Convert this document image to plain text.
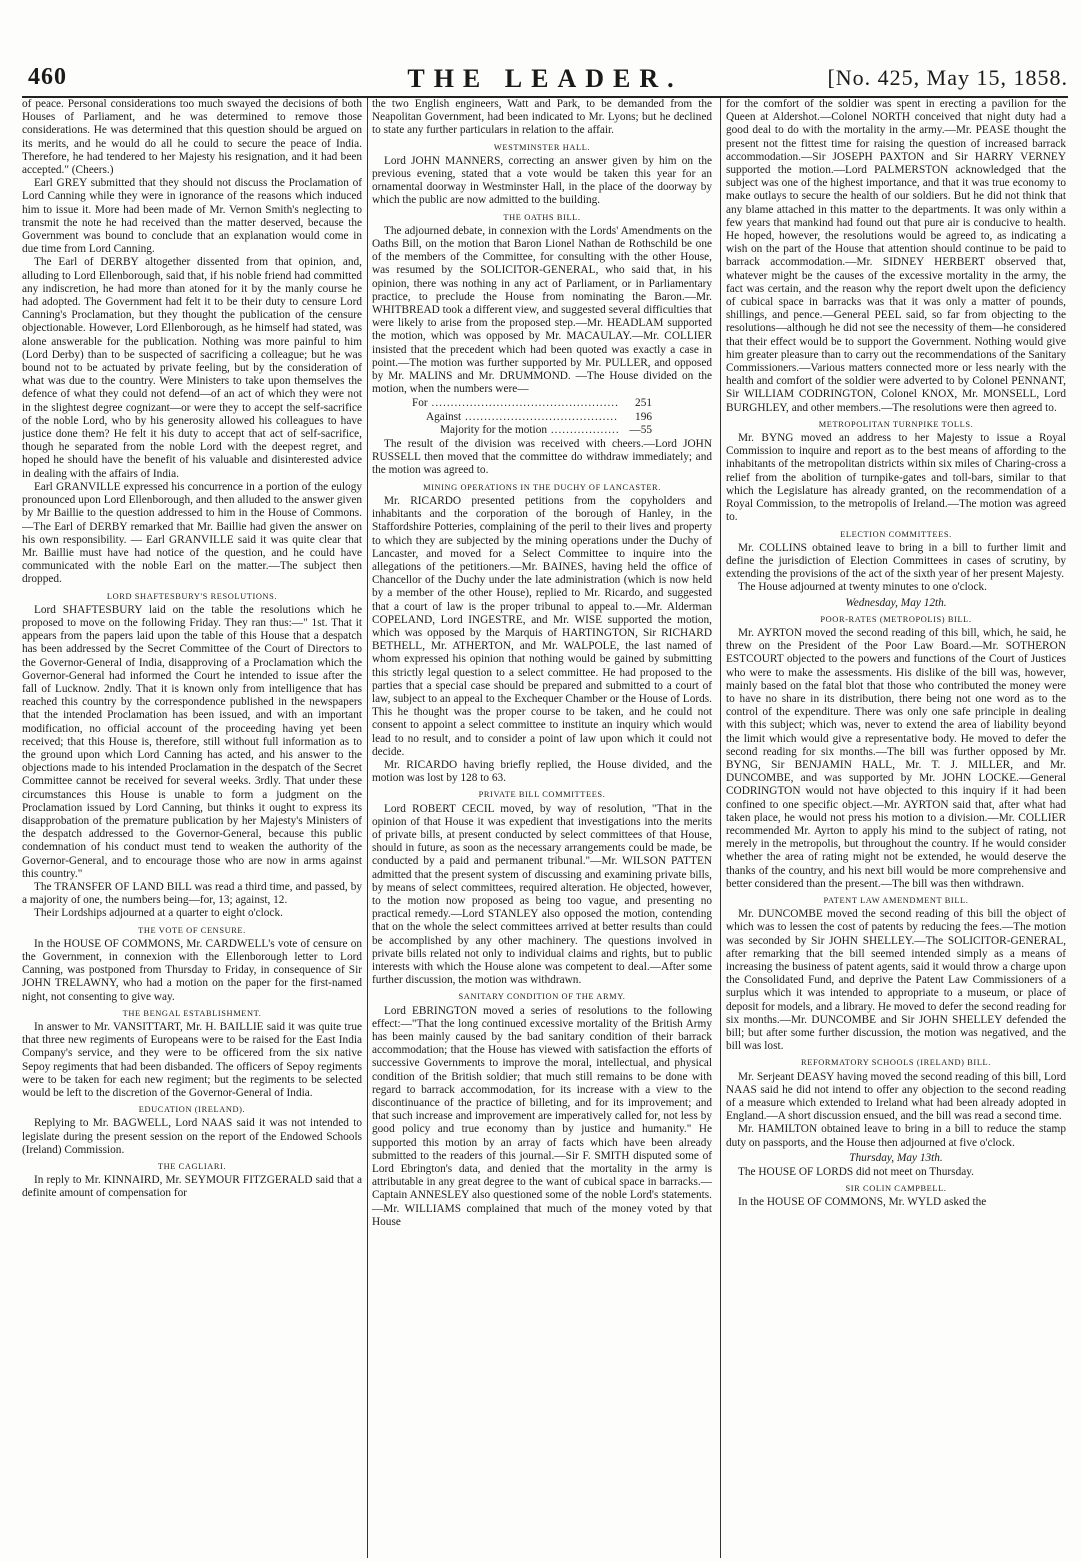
460	THE LEADER.	[No. 425, May 15, 1858.

of peace. Personal considerations too much swayed the decisions of both Houses of Parliament, and he was determined to remove those considerations. He was determined that this question should be argued on its merits, and he would do all he could to secure the peace of India. Therefore, he had tendered to her Majesty his resignation, and it had been accepted." (Cheers.)

Earl GREY submitted that they should not discuss the Proclamation of Lord Canning while they were in ignorance of the reasons which induced him to issue it. More had been made of Mr. Vernon Smith's neglecting to transmit the note he had received than the matter deserved, because the Government was bound to conclude that an explanation would come in due time from Lord Canning.

The Earl of DERBY altogether dissented from that opinion, and, alluding to Lord Ellenborough, said that, if his noble friend had committed any indiscretion, he had more than atoned for it by the manly course he had adopted. The Government had felt it to be their duty to censure Lord Canning's Proclamation, but they thought the publication of the censure objectionable. However, Lord Ellenborough, as he himself had stated, was alone answerable for the publication. Nothing was more painful to him (Lord Derby) than to be suspected of sacrificing a colleague; but he was bound not to be actuated by private feeling, but by the consideration of what was due to the country. Were Ministers to take upon themselves the defence of what they could not defend—of an act of which they were not in the slightest degree cognizant—or were they to accept the self-sacrifice of the noble Lord, who by his generosity allowed his colleagues to have justice done them? He felt it his duty to accept that act of self-sacrifice, though he separated from the noble Lord with the deepest regret, and hoped he should have the benefit of his valuable and disinterested advice in dealing with the affairs of India.

Earl GRANVILLE expressed his concurrence in a portion of the eulogy pronounced upon Lord Ellenborough, and then alluded to the answer given by Mr Baillie to the question addressed to him in the House of Commons. —The Earl of DERBY remarked that Mr. Baillie had given the answer on his own responsibility. — Earl GRANVILLE said it was quite clear that Mr. Baillie must have had notice of the question, and he could have communicated with the noble Earl on the matter.—The subject then dropped.

LORD SHAFTESBURY'S RESOLUTIONS.

Lord SHAFTESBURY laid on the table the resolutions which he proposed to move on the following Friday. They ran thus:—" 1st. That it appears from the papers laid upon the table of this House that a despatch has been addressed by the Secret Committee of the Court of Directors to the Governor-General of India, disapproving of a Proclamation which the Governor-General had informed the Court he intended to issue after the fall of Lucknow. 2ndly. That it is known only from intelligence that has reached this country by the correspondence published in the newspapers that the intended Proclamation has been issued, and with an important modification, no official account of the proceeding having yet been received; that this House is, therefore, still without full information as to the ground upon which Lord Canning has acted, and his answer to the objections made to his intended Proclamation in the despatch of the Secret Committee cannot be received for several weeks. 3rdly. That under these circumstances this House is unable to form a judgment on the Proclamation issued by Lord Canning, but thinks it ought to express its disapprobation of the premature publication by her Majesty's Ministers of the despatch addressed to the Governor-General, because this public condemnation of his conduct must tend to weaken the authority of the Governor-General, and to encourage those who are now in arms against this country."

The TRANSFER OF LAND BILL was read a third time, and passed, by a majority of one, the numbers being—for, 13; against, 12.

Their Lordships adjourned at a quarter to eight o'clock.

THE VOTE OF CENSURE.

In the HOUSE OF COMMONS, Mr. CARDWELL's vote of censure on the Government, in connexion with the Ellenborough letter to Lord Canning, was postponed from Thursday to Friday, in consequence of Sir JOHN TRELAWNY, who had a motion on the paper for the first-named night, not consenting to give way.

THE BENGAL ESTABLISHMENT.

In answer to Mr. VANSITTART, Mr. H. BAILLIE said it was quite true that three new regiments of Europeans were to be raised for the East India Company's service, and they were to be officered from the six native Sepoy regiments that had been disbanded. The officers of Sepoy regiments were to be taken for each new regiment; but the regiments to be selected would be left to the discretion of the Governor-General of India.

EDUCATION (IRELAND).

Replying to Mr. BAGWELL, Lord NAAS said it was not intended to legislate during the present session on the report of the Endowed Schools (Ireland) Commission.

THE CAGLIARI.

In reply to Mr. KINNAIRD, Mr. SEYMOUR FITZGERALD said that a definite amount of compensation for

the two English engineers, Watt and Park, to be demanded from the Neapolitan Government, had been indicated to Mr. Lyons; but he declined to state any further particulars in relation to the affair.

WESTMINSTER HALL.

Lord JOHN MANNERS, correcting an answer given by him on the previous evening, stated that a vote would be taken this year for an ornamental doorway in Westminster Hall, in the place of the doorway by which the public are now admitted to the building.

THE OATHS BILL.

The adjourned debate, in connexion with the Lords' Amendments on the Oaths Bill, on the motion that Baron Lionel Nathan de Rothschild be one of the members of the Committee, for consulting with the other House, was resumed by the SOLICITOR-GENERAL, who said that, in his opinion, there was nothing in any act of Parliament, or in Parliamentary practice, to preclude the House from nominating the Baron.—Mr. WHITBREAD took a different view, and suggested several difficulties that were likely to arise from the proposed step.—Mr. HEADLAM supported the motion, which was opposed by Mr. MACAULAY.—Mr. COLLIER insisted that the precedent which had been quoted was exactly a case in point.—The motion was further supported by Mr. PULLER, and opposed by Mr. MALINS and Mr. DRUMMOND. —The House divided on the motion, when the numbers were—

For .....	251
Against .....	196
Majority for the motion .....	—55

The result of the division was received with cheers.—Lord JOHN RUSSELL then moved that the committee do withdraw immediately; and the motion was agreed to.

MINING OPERATIONS IN THE DUCHY OF LANCASTER.

Mr. RICARDO presented petitions from the copyholders and inhabitants and the corporation of the borough of Hanley, in the Staffordshire Potteries, complaining of the peril to their lives and property to which they are subjected by the mining operations under the Duchy of Lancaster, and moved for a Select Committee to inquire into the allegations of the petitioners.—Mr. BAINES, having held the office of Chancellor of the Duchy under the late administration (which is now held by a member of the other House), replied to Mr. Ricardo, and suggested that a court of law is the proper tribunal to appeal to.—Mr. Alderman COPELAND, Lord INGESTRE, and Mr. WISE supported the motion, which was opposed by the Marquis of HARTINGTON, Sir RICHARD BETHELL, Mr. ATHERTON, and Mr. WALPOLE, the last named of whom expressed his opinion that nothing would be gained by submitting this strictly legal question to a select committee. He had proposed to the parties that a special case should be prepared and submitted to a court of law, subject to an appeal to the Exchequer Chamber or the House of Lords. This he thought was the proper course to be taken, and he could not consent to appoint a select committee to institute an inquiry which would lead to no result, and to consider a point of law upon which it could not decide.

Mr. RICARDO having briefly replied, the House divided, and the motion was lost by 128 to 63.

PRIVATE BILL COMMITTEES.

Lord ROBERT CECIL moved, by way of resolution, "That in the opinion of that House it was expedient that investigations into the merits of private bills, at present conducted by select committees of that House, should in future, as soon as the necessary arrangements could be made, be conducted by a paid and permanent tribunal."—Mr. WILSON PATTEN admitted that the present system of discussing and examining private bills, by means of select committees, required alteration. He objected, however, to the motion now proposed as being too vague, and presenting no practical remedy.—Lord STANLEY also opposed the motion, contending that on the whole the select committees arrived at better results than could be accomplished by any other machinery. The questions involved in private bills related not only to individual claims and rights, but to public interests with which the House alone was competent to deal.—After some further discussion, the motion was withdrawn.

SANITARY CONDITION OF THE ARMY.

Lord EBRINGTON moved a series of resolutions to the following effect:—"That the long continued excessive mortality of the British Army has been mainly caused by the bad sanitary condition of their barrack accommodation; that the House has viewed with satisfaction the efforts of successive Governments to improve the moral, intellectual, and physical condition of the British soldier; that much still remains to be done with regard to barrack accommodation, for its increase with a view to the discontinuance of the practice of billeting, and for its improvement; and that such increase and improvement are imperatively called for, not less by good policy and true economy than by justice and humanity." He supported this motion by an array of facts which have been already submitted to the readers of this journal.—Sir F. SMITH disputed some of Lord Ebrington's data, and denied that the mortality in the army is attributable in any great degree to the want of cubical space in barracks.—Captain ANNESLEY also questioned some of the noble Lord's statements.—Mr. WILLIAMS complained that much of the money voted by that House

for the comfort of the soldier was spent in erecting a pavilion for the Queen at Aldershot.—Colonel NORTH conceived that night duty had a good deal to do with the mortality in the army.—Mr. PEASE thought the present not the fittest time for raising the question of increased barrack accommodation.—Sir JOSEPH PAXTON and Sir HARRY VERNEY supported the motion.—Lord PALMERSTON acknowledged that the subject was one of the highest importance, and that it was true economy to make outlays to secure the health of our soldiers. But he did not think that any blame attached in this matter to the departments. It was only within a few years that mankind had found out that pure air is conducive to health. He hoped, however, the resolutions would be agreed to, as indicating a wish on the part of the House that attention should continue to be paid to barrack accommodation.—Mr. SIDNEY HERBERT observed that, whatever might be the causes of the excessive mortality in the army, the fact was certain, and the reason why the report dwelt upon the deficiency of cubical space in barracks was that it was only a matter of pounds, shillings, and pence.—General PEEL said, so far from objecting to the resolutions—although he did not see the necessity of them—he considered that their effect would be to support the Government. Nothing would give him greater pleasure than to carry out the recommendations of the Sanitary Commissioners.—Various matters connected more or less nearly with the health and comfort of the soldier were adverted to by Colonel PENNANT, Sir WILLIAM CODRINGTON, Colonel KNOX, Mr. MONSELL, Lord BURGHLEY, and other members.—The resolutions were then agreed to.

METROPOLITAN TURNPIKE TOLLS.

Mr. BYNG moved an address to her Majesty to issue a Royal Commission to inquire and report as to the best means of affording to the inhabitants of the metropolitan districts within six miles of Charing-cross a relief from the abolition of turnpike-gates and toll-bars, similar to that which the Legislature has already granted, on the recommendation of a Royal Commission, to the metropolis of Ireland.—The motion was agreed to.

ELECTION COMMITTEES.

Mr. COLLINS obtained leave to bring in a bill to further limit and define the jurisdiction of Election Committees in cases of scrutiny, by extending the provisions of the act of the sixth year of her present Majesty.

The House adjourned at twenty minutes to one o'clock.

Wednesday, May 12th.
POOR-RATES (METROPOLIS) BILL.

Mr. AYRTON moved the second reading of this bill, which, he said, he threw on the President of the Poor Law Board.—Mr. SOTHERON ESTCOURT objected to the powers and functions of the Court of Justices who were to make the assessments. His dislike of the bill was, however, mainly based on the fatal blot that those who contributed the money were to have no share in its distribution, there being not one word as to the control of the expenditure. There was only one safe principle in dealing with this subject; which was, never to extend the area of liability beyond the limit which would give a representative body. He moved to defer the second reading for six months.—The bill was further opposed by Mr. BYNG, Sir BENJAMIN HALL, Mr. T. J. MILLER, and Mr. DUNCOMBE, and was supported by Mr. JOHN LOCKE.—General CODRINGTON would not have objected to this inquiry if it had been confined to one specific object.—Mr. AYRTON said that, after what had taken place, he would not press his motion to a division.—Mr. COLLIER recommended Mr. Ayrton to apply his mind to the subject of rating, not merely in the metropolis, but throughout the country. If he would consider whether the area of rating might not be extended, he would deserve the thanks of the country, and his next bill would be more comprehensive and better considered than the present.—The bill was then withdrawn.

PATENT LAW AMENDMENT BILL.

Mr. DUNCOMBE moved the second reading of this bill the object of which was to lessen the cost of patents by reducing the fees.—The motion was seconded by Sir JOHN SHELLEY.—The SOLICITOR-GENERAL, after remarking that the bill seemed intended simply as a means of increasing the business of patent agents, said it would throw a charge upon the Consolidated Fund, and deprive the Patent Law Commissioners of a surplus which it was intended to appropriate to a museum, or place of deposit for models, and a library. He moved to defer the second reading for six months.—Mr. DUNCOMBE and Sir JOHN SHELLEY defended the bill; but after some further discussion, the motion was negatived, and the bill was lost.

REFORMATORY SCHOOLS (IRELAND) BILL.

Mr. Serjeant DEASY having moved the second reading of this bill, Lord NAAS said he did not intend to offer any objection to the second reading of a measure which extended to Ireland what had been already adopted in England.—A short discussion ensued, and the bill was read a second time.

Mr. HAMILTON obtained leave to bring in a bill to reduce the stamp duty on passports, and the House then adjourned at five o'clock.

Thursday, May 13th.

The HOUSE OF LORDS did not meet on Thursday.

SIR COLIN CAMPBELL.

In the HOUSE OF COMMONS, Mr. WYLD asked the
